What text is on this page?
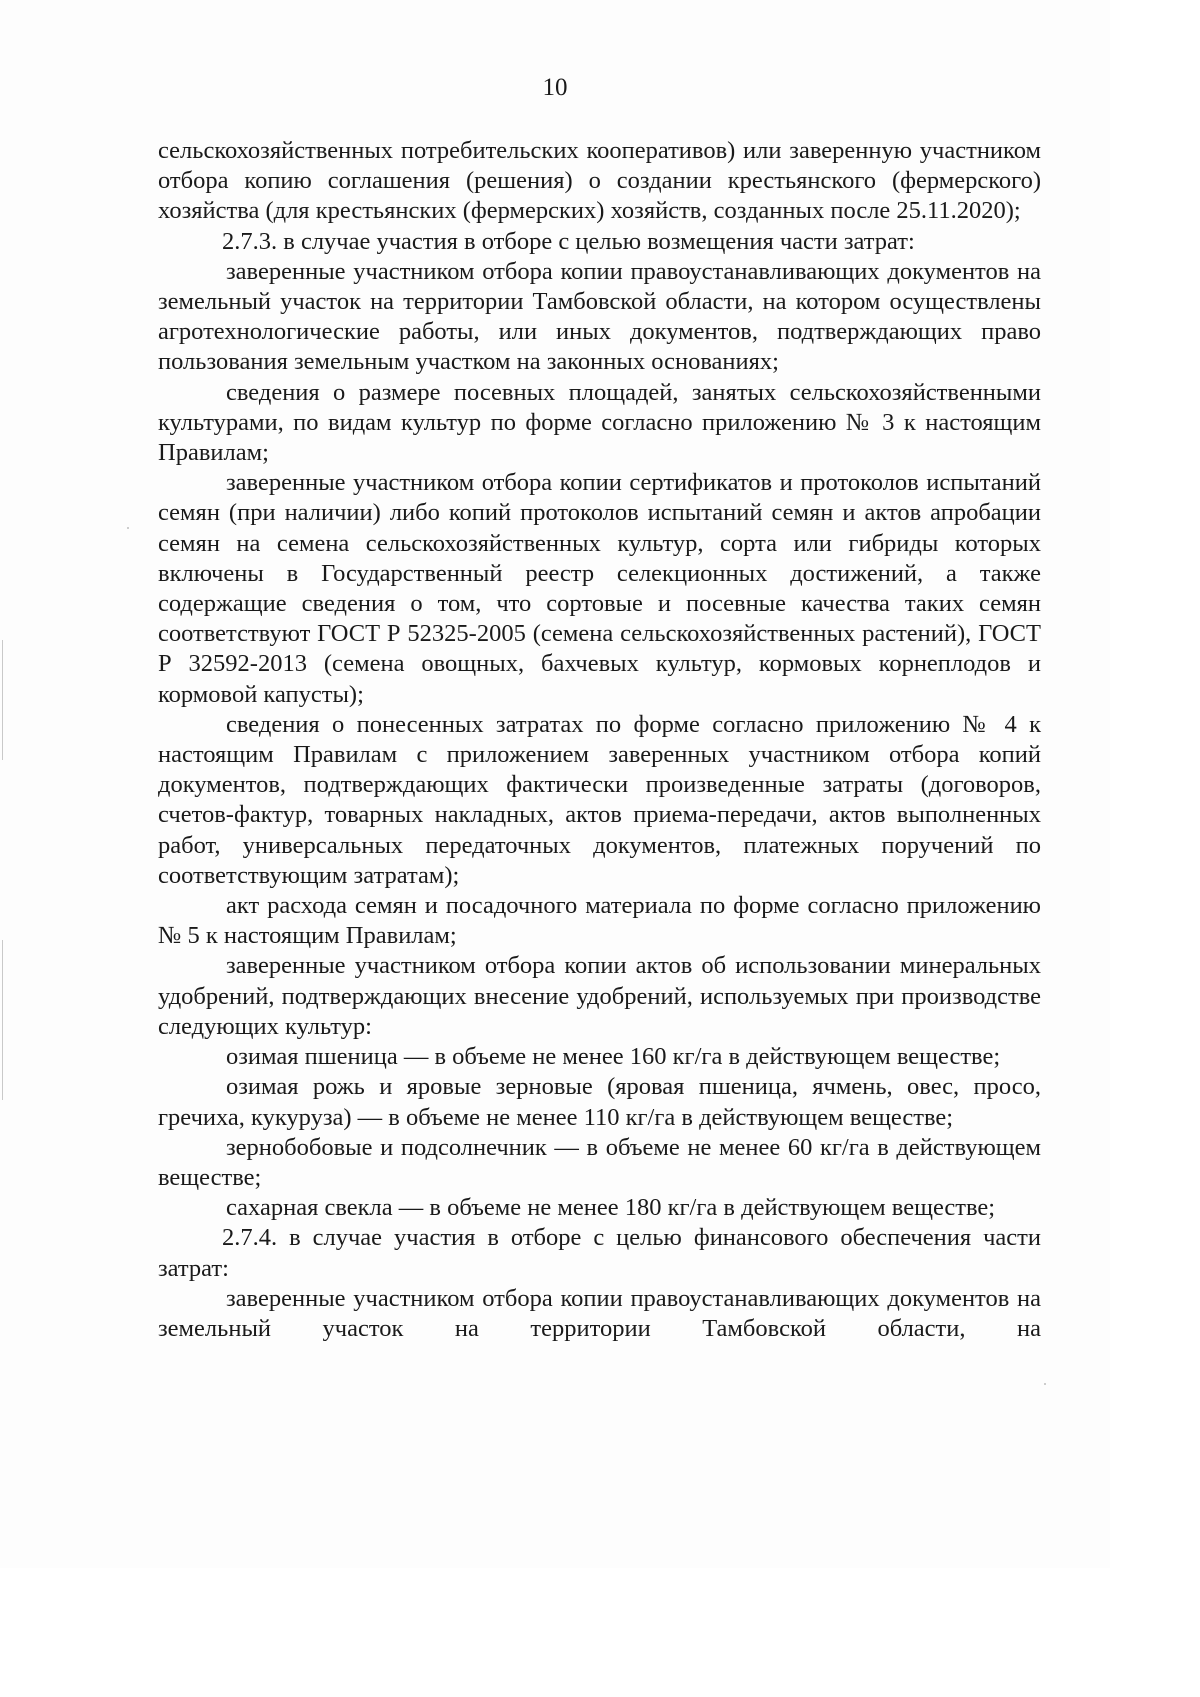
10

сельскохозяйственных потребительских кооперативов) или заверенную участником отбора копию соглашения (решения) о создании крестьянского (фермерского) хозяйства (для крестьянских (фермерских) хозяйств, созданных после 25.11.2020);

2.7.3. в случае участия в отборе с целью возмещения части затрат:

заверенные участником отбора копии правоустанавливающих документов на земельный участок на территории Тамбовской области, на котором осуществлены агротехнологические работы, или иных документов, подтверждающих право пользования земельным участком на законных основаниях;

сведения о размере посевных площадей, занятых сельскохозяйственными культурами, по видам культур по форме согласно приложению № 3 к настоящим Правилам;

заверенные участником отбора копии сертификатов и протоколов испытаний семян (при наличии) либо копий протоколов испытаний семян и актов апробации семян на семена сельскохозяйственных культур, сорта или гибриды которых включены в Государственный реестр селекционных достижений, а также содержащие сведения о том, что сортовые и посевные качества таких семян соответствуют ГОСТ Р 52325-2005 (семена сельскохозяйственных растений), ГОСТ Р 32592-2013 (семена овощных, бахчевых культур, кормовых корнеплодов и кормовой капусты);

сведения о понесенных затратах по форме согласно приложению № 4 к настоящим Правилам с приложением заверенных участником отбора копий документов, подтверждающих фактически произведенные затраты (договоров, счетов-фактур, товарных накладных, актов приема-передачи, актов выполненных работ, универсальных передаточных документов, платежных поручений по соответствующим затратам);

акт расхода семян и посадочного материала по форме согласно приложению № 5 к настоящим Правилам;

заверенные участником отбора копии актов об использовании минеральных удобрений, подтверждающих внесение удобрений, используемых при производстве следующих культур:

озимая пшеница — в объеме не менее 160 кг/га в действующем веществе;

озимая рожь и яровые зерновые (яровая пшеница, ячмень, овес, просо, гречиха, кукуруза) — в объеме не менее 110 кг/га в действующем веществе;

зернобобовые и подсолнечник — в объеме не менее 60 кг/га в действующем веществе;

сахарная свекла — в объеме не менее 180 кг/га в действующем веществе;

2.7.4. в случае участия в отборе с целью финансового обеспечения части затрат:

заверенные участником отбора копии правоустанавливающих документов на земельный участок на территории Тамбовской области, на
